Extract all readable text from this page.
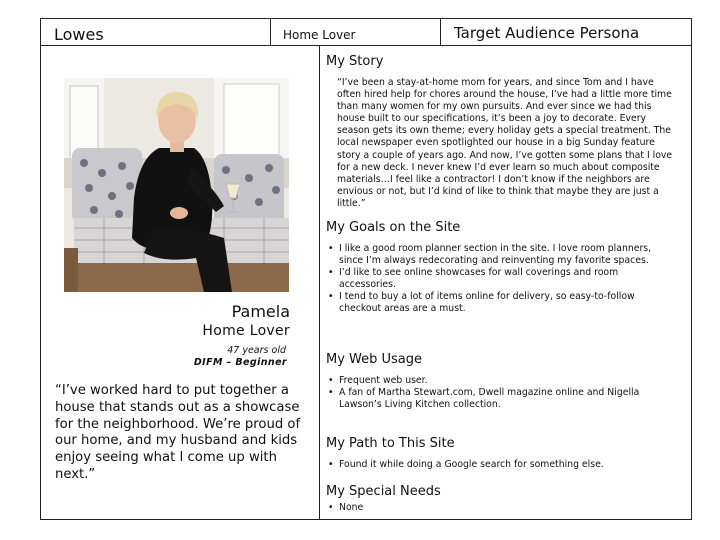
Lowes	Home Lover	Target Audience Persona
Pamela
Home Lover
47 years old
DIFM – Beginner
“I’ve worked hard to put together a house that stands out as a showcase for the neighborhood. We’re proud of our home, and my husband and kids enjoy seeing what I come up with next.”
My Story
“I’ve been a stay-at-home mom for years, and since Tom and I have often hired help for chores around the house, I’ve had a little more time than many women for my own pursuits. And ever since we had this house built to our specifications, it’s been a joy to decorate. Every season gets its own theme; every holiday gets a special treatment. The local newspaper even spotlighted our house in a big Sunday feature story a couple of years ago. And now, I’ve gotten some plans that I love for a new deck. I never knew I’d ever learn so much about composite materials…I feel like a contractor! I don’t know if the neighbors are envious or not, but I’d kind of like to think that maybe they are just a little.”
My Goals on the Site
• I like a good room planner section in the site. I love room planners, since I’m always redecorating and reinventing my favorite spaces.
• I’d like to see online showcases for wall coverings and room accessories.
• I tend to buy a lot of items online for delivery, so easy-to-follow checkout areas are a must.
My Web Usage
• Frequent web user.
• A fan of Martha Stewart.com, Dwell magazine online and Nigella Lawson’s Living Kitchen collection.
My Path to This Site
• Found it while doing a Google search for something else.
My Special Needs
• None
